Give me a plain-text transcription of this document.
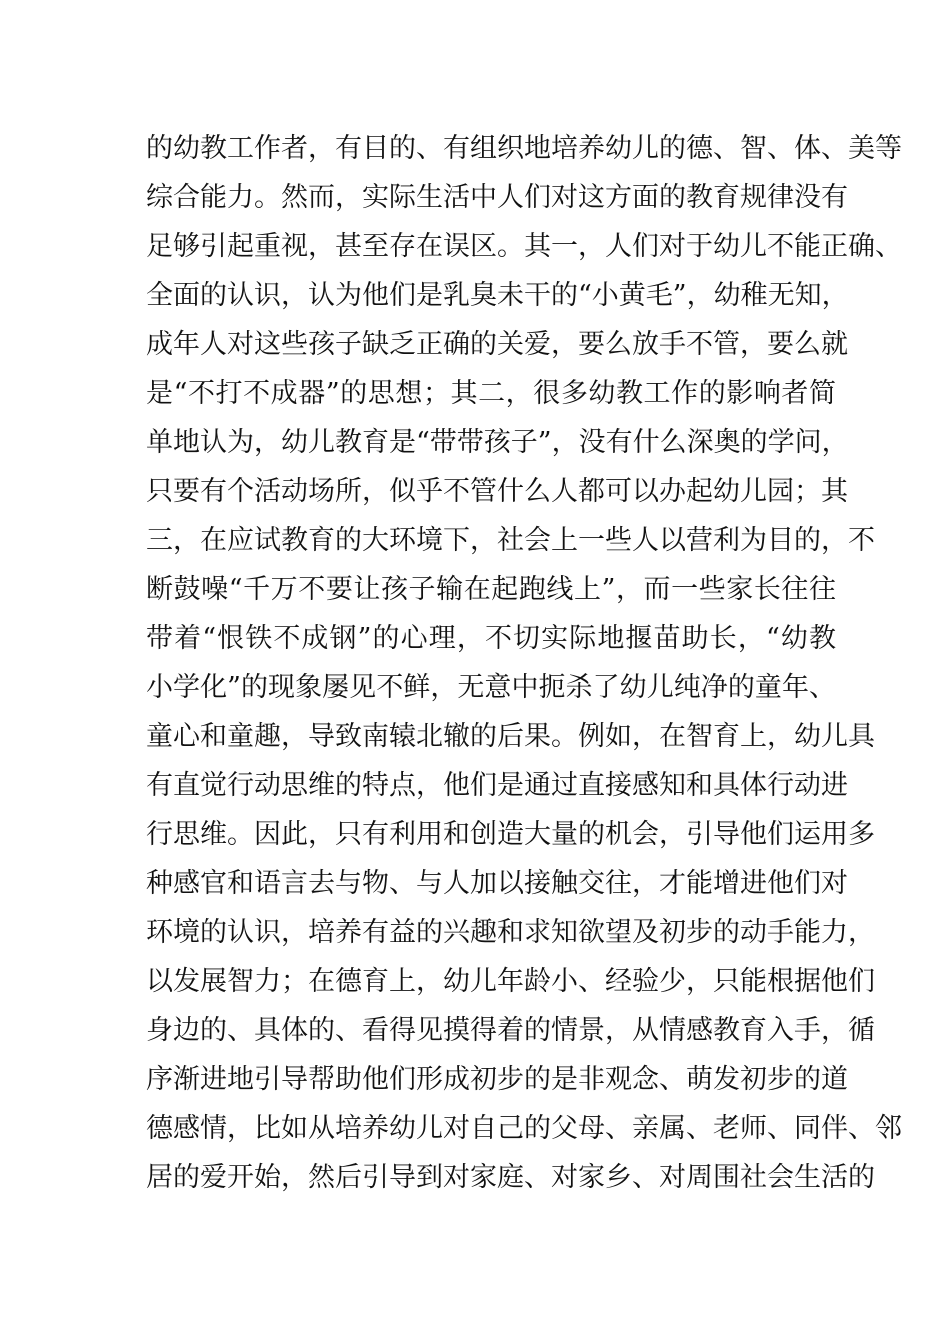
的幼教工作者，有目的、有组织地培养幼儿的德、智、体、美等
综合能力。然而，实际生活中人们对这方面的教育规律没有
足够引起重视，甚至存在误区。其一，人们对于幼儿不能正确、
全面的认识，认为他们是乳臭未干的“小黄毛”，幼稚无知，
成年人对这些孩子缺乏正确的关爱，要么放手不管，要么就
是“不打不成器”的思想；其二，很多幼教工作的影响者简
单地认为，幼儿教育是“带带孩子”，没有什么深奥的学问，
只要有个活动场所，似乎不管什么人都可以办起幼儿园；其
三，在应试教育的大环境下，社会上一些人以营利为目的，不
断鼓噪“千万不要让孩子输在起跑线上”，而一些家长往往
带着“恨铁不成钢”的心理，不切实际地揠苗助长，“幼教
小学化”的现象屡见不鲜，无意中扼杀了幼儿纯净的童年、
童心和童趣，导致南辕北辙的后果。例如，在智育上，幼儿具
有直觉行动思维的特点，他们是通过直接感知和具体行动进
行思维。因此，只有利用和创造大量的机会，引导他们运用多
种感官和语言去与物、与人加以接触交往，才能增进他们对
环境的认识，培养有益的兴趣和求知欲望及初步的动手能力，
以发展智力；在德育上，幼儿年龄小、经验少，只能根据他们
身边的、具体的、看得见摸得着的情景，从情感教育入手，循
序渐进地引导帮助他们形成初步的是非观念、萌发初步的道
德感情，比如从培养幼儿对自己的父母、亲属、老师、同伴、邻
居的爱开始，然后引导到对家庭、对家乡、对周围社会生活的
